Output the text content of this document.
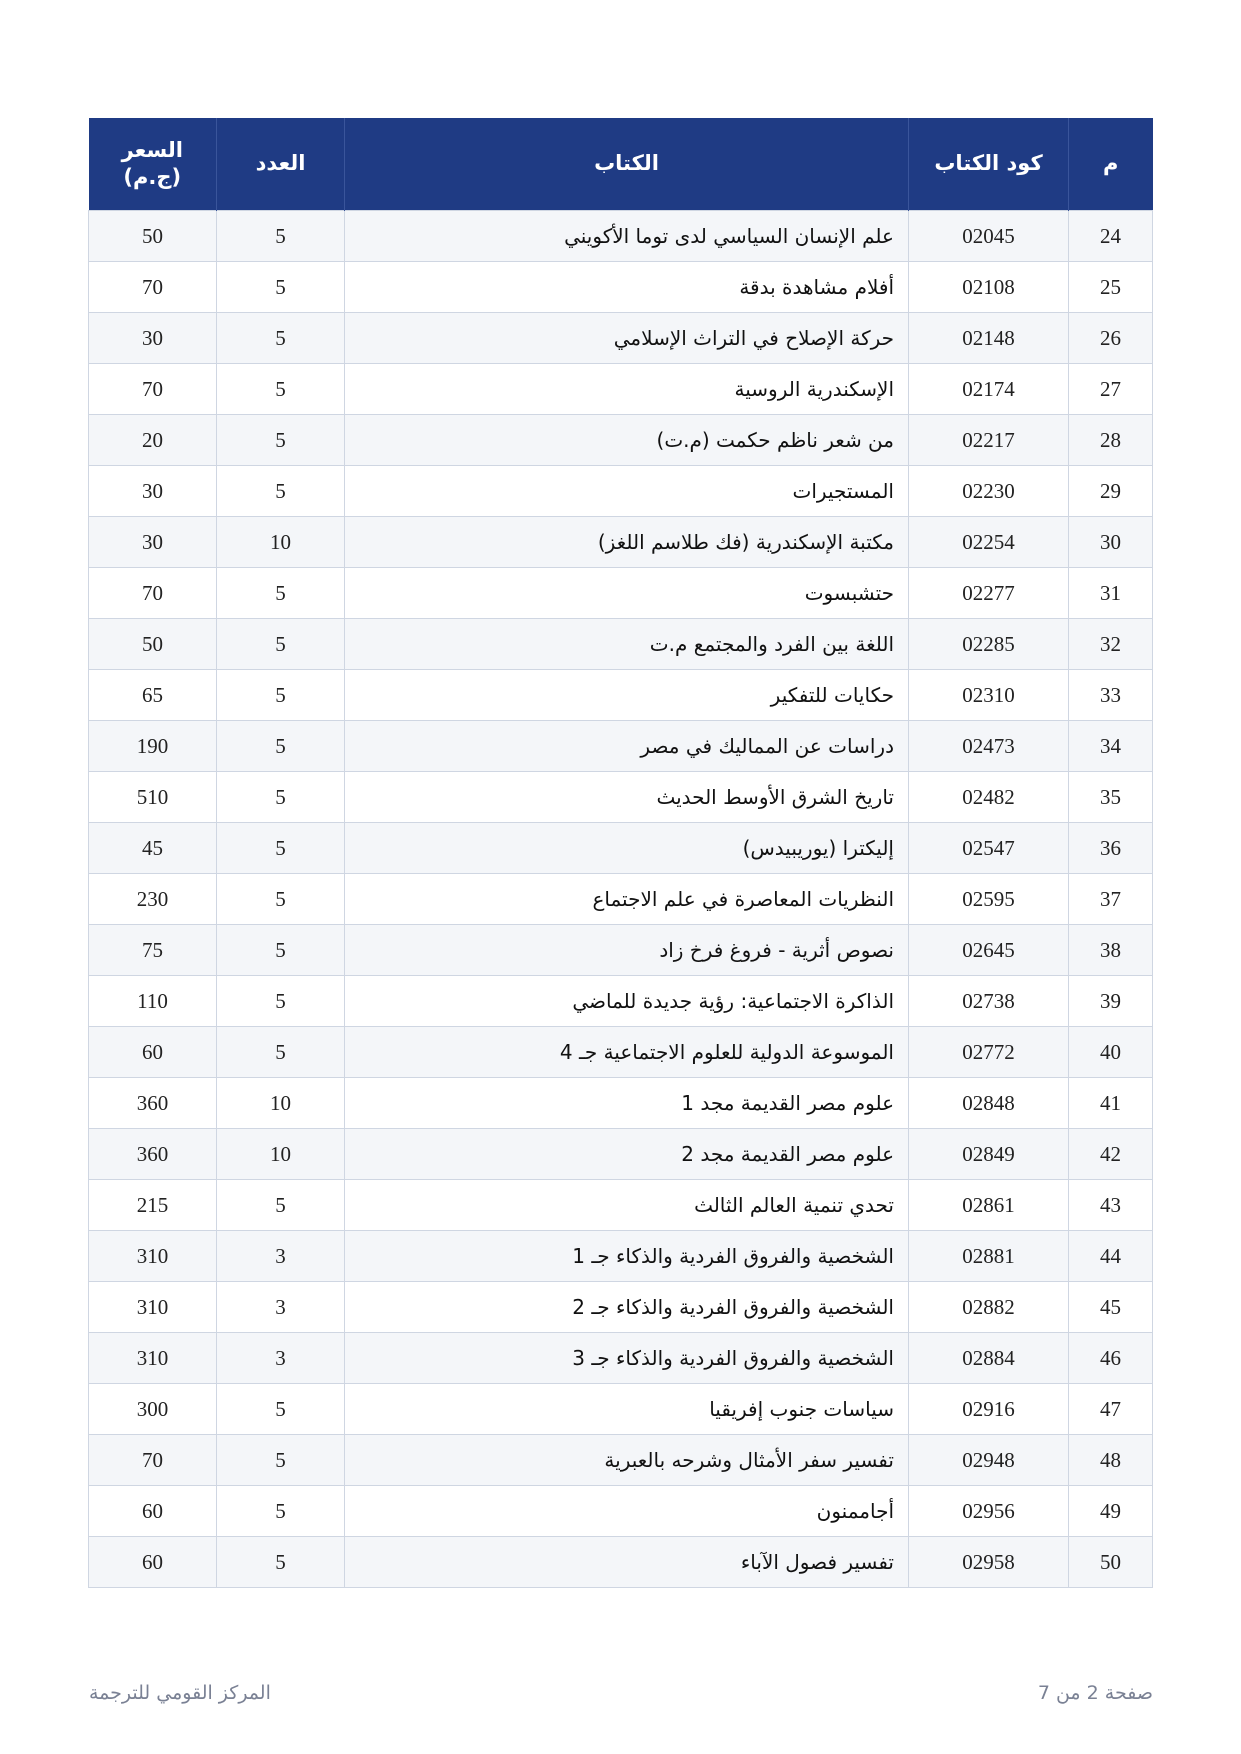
م	كود الكتاب	الكتاب	العدد	السعر
(ج.م)

24	02045	علم الإنسان السياسي لدى توما الأكويني	5	50
25	02108	أفلام مشاهدة بدقة	5	70
26	02148	حركة الإصلاح في التراث الإسلامي	5	30
27	02174	الإسكندرية الروسية	5	70
28	02217	من شعر ناظم حكمت (م.ت)	5	20
29	02230	المستجيرات	5	30
30	02254	مكتبة الإسكندرية (فك طلاسم اللغز)	10	30
31	02277	حتشبسوت	5	70
32	02285	اللغة بين الفرد والمجتمع م.ت	5	50
33	02310	حكايات للتفكير	5	65
34	02473	دراسات عن المماليك في مصر	5	190
35	02482	تاريخ الشرق الأوسط الحديث	5	510
36	02547	إليكترا (يوريبيدس)	5	45
37	02595	النظريات المعاصرة في علم الاجتماع	5	230
38	02645	نصوص أثرية - فروغ فرخ زاد	5	75
39	02738	الذاكرة الاجتماعية: رؤية جديدة للماضي	5	110
40	02772	الموسوعة الدولية للعلوم الاجتماعية جـ 4	5	60
41	02848	علوم مصر القديمة مجد 1	10	360
42	02849	علوم مصر القديمة مجد 2	10	360
43	02861	تحدي تنمية العالم الثالث	5	215
44	02881	الشخصية والفروق الفردية والذكاء جـ 1	3	310
45	02882	الشخصية والفروق الفردية والذكاء جـ 2	3	310
46	02884	الشخصية والفروق الفردية والذكاء جـ 3	3	310
47	02916	سياسات جنوب إفريقيا	5	300
48	02948	تفسير سفر الأمثال وشرحه بالعبرية	5	70
49	02956	أجاممنون	5	60
50	02958	تفسير فصول الآباء	5	60
صفحة 2 من 7
المركز القومي للترجمة
